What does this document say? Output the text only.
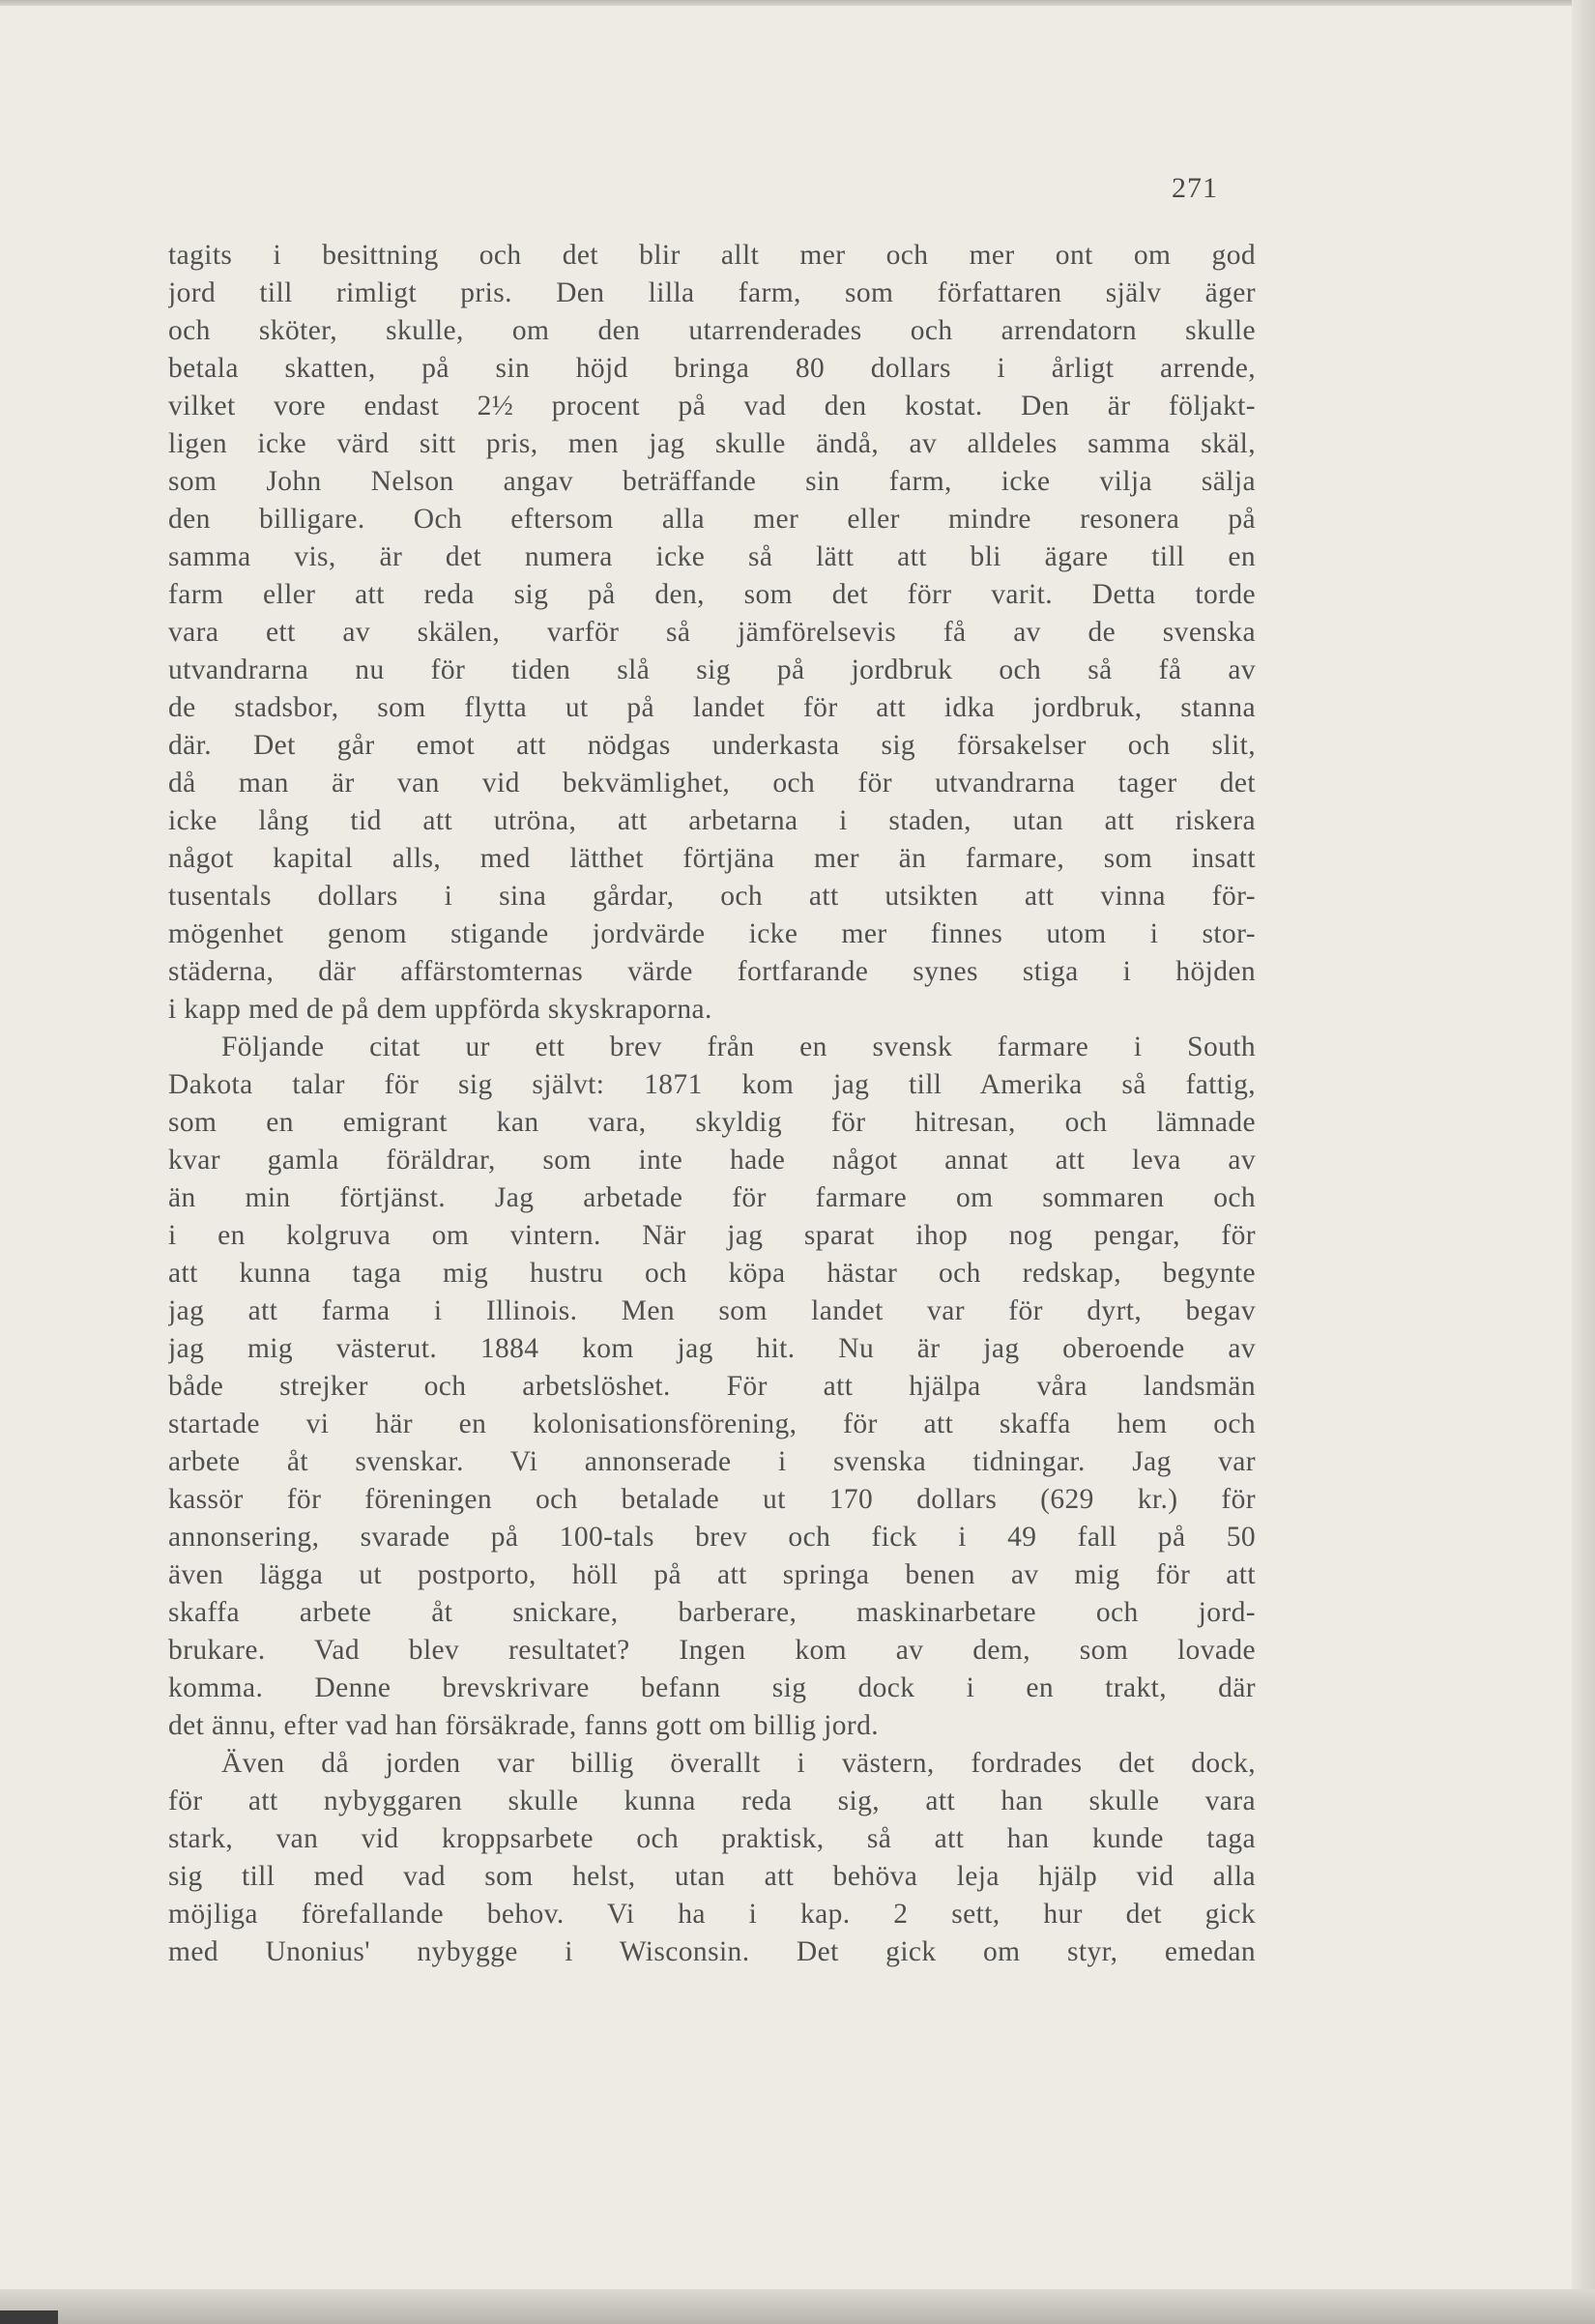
271
tagits i besittning och det blir allt mer och mer ont om god
jord till rimligt pris. Den lilla farm, som författaren själv äger
och sköter, skulle, om den utarrenderades och arrendatorn skulle
betala skatten, på sin höjd bringa 80 dollars i årligt arrende,
vilket vore endast 2½ procent på vad den kostat. Den är följakt-
ligen icke värd sitt pris, men jag skulle ändå, av alldeles samma skäl,
som John Nelson angav beträffande sin farm, icke vilja sälja
den billigare. Och eftersom alla mer eller mindre resonera på
samma vis, är det numera icke så lätt att bli ägare till en
farm eller att reda sig på den, som det förr varit. Detta torde
vara ett av skälen, varför så jämförelsevis få av de svenska
utvandrarna nu för tiden slå sig på jordbruk och så få av
de stadsbor, som flytta ut på landet för att idka jordbruk, stanna
där. Det går emot att nödgas underkasta sig försakelser och slit,
då man är van vid bekvämlighet, och för utvandrarna tager det
icke lång tid att utröna, att arbetarna i staden, utan att riskera
något kapital alls, med lätthet förtjäna mer än farmare, som insatt
tusentals dollars i sina gårdar, och att utsikten att vinna för-
mögenhet genom stigande jordvärde icke mer finnes utom i stor-
städerna, där affärstomternas värde fortfarande synes stiga i höjden
i kapp med de på dem uppförda skyskraporna.
Följande citat ur ett brev från en svensk farmare i South
Dakota talar för sig självt: 1871 kom jag till Amerika så fattig,
som en emigrant kan vara, skyldig för hitresan, och lämnade
kvar gamla föräldrar, som inte hade något annat att leva av
än min förtjänst. Jag arbetade för farmare om sommaren och
i en kolgruva om vintern. När jag sparat ihop nog pengar, för
att kunna taga mig hustru och köpa hästar och redskap, begynte
jag att farma i Illinois. Men som landet var för dyrt, begav
jag mig västerut. 1884 kom jag hit. Nu är jag oberoende av
både strejker och arbetslöshet. För att hjälpa våra landsmän
startade vi här en kolonisationsförening, för att skaffa hem och
arbete åt svenskar. Vi annonserade i svenska tidningar. Jag var
kassör för föreningen och betalade ut 170 dollars (629 kr.) för
annonsering, svarade på 100-tals brev och fick i 49 fall på 50
även lägga ut postporto, höll på att springa benen av mig för att
skaffa arbete åt snickare, barberare, maskinarbetare och jord-
brukare. Vad blev resultatet? Ingen kom av dem, som lovade
komma. Denne brevskrivare befann sig dock i en trakt, där
det ännu, efter vad han försäkrade, fanns gott om billig jord.
Även då jorden var billig överallt i västern, fordrades det dock,
för att nybyggaren skulle kunna reda sig, att han skulle vara
stark, van vid kroppsarbete och praktisk, så att han kunde taga
sig till med vad som helst, utan att behöva leja hjälp vid alla
möjliga förefallande behov. Vi ha i kap. 2 sett, hur det gick
med Unonius' nybygge i Wisconsin. Det gick om styr, emedan
